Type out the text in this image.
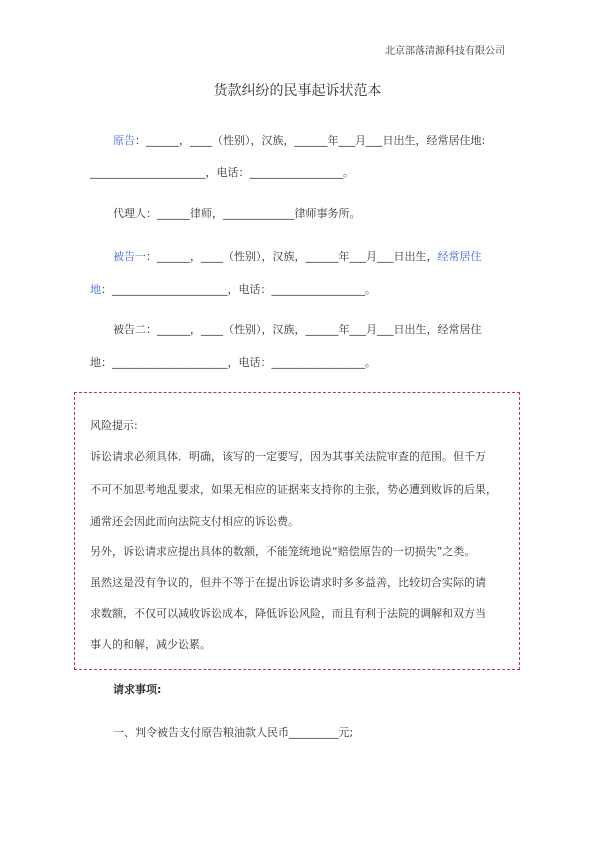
北京部落清源科技有限公司
货款纠纷的民事起诉状范本
原告：______，____（性别），汉族，______年___月___日出生，经常居住地:
_____________________，电话：_________________。
代理人：______律师，_____________律师事务所。
被告一：______，____（性别），汉族，______年___月___日出生，经常居住
地：_____________________，电话：_________________。
被告二：______，____（性别），汉族，______年___月___日出生，经常居住
地：_____________________，电话：_________________。
风险提示:
诉讼请求必须具体．明确，该写的一定要写，因为其事关法院审查的范围。但千万
不可不加思考地乱要求，如果无相应的证据来支持你的主张，势必遭到败诉的后果，
通常还会因此而向法院支付相应的诉讼费。
另外，诉讼请求应提出具体的数额，不能笼统地说“赔偿原告的一切损失”之类。
虽然这是没有争议的，但并不等于在提出诉讼请求时多多益善，比较切合实际的请
求数额，不仅可以减收诉讼成本，降低诉讼风险，而且有利于法院的调解和双方当
事人的和解，减少讼累。
请求事项:
一、判令被告支付原告粮油款人民币_________元;
